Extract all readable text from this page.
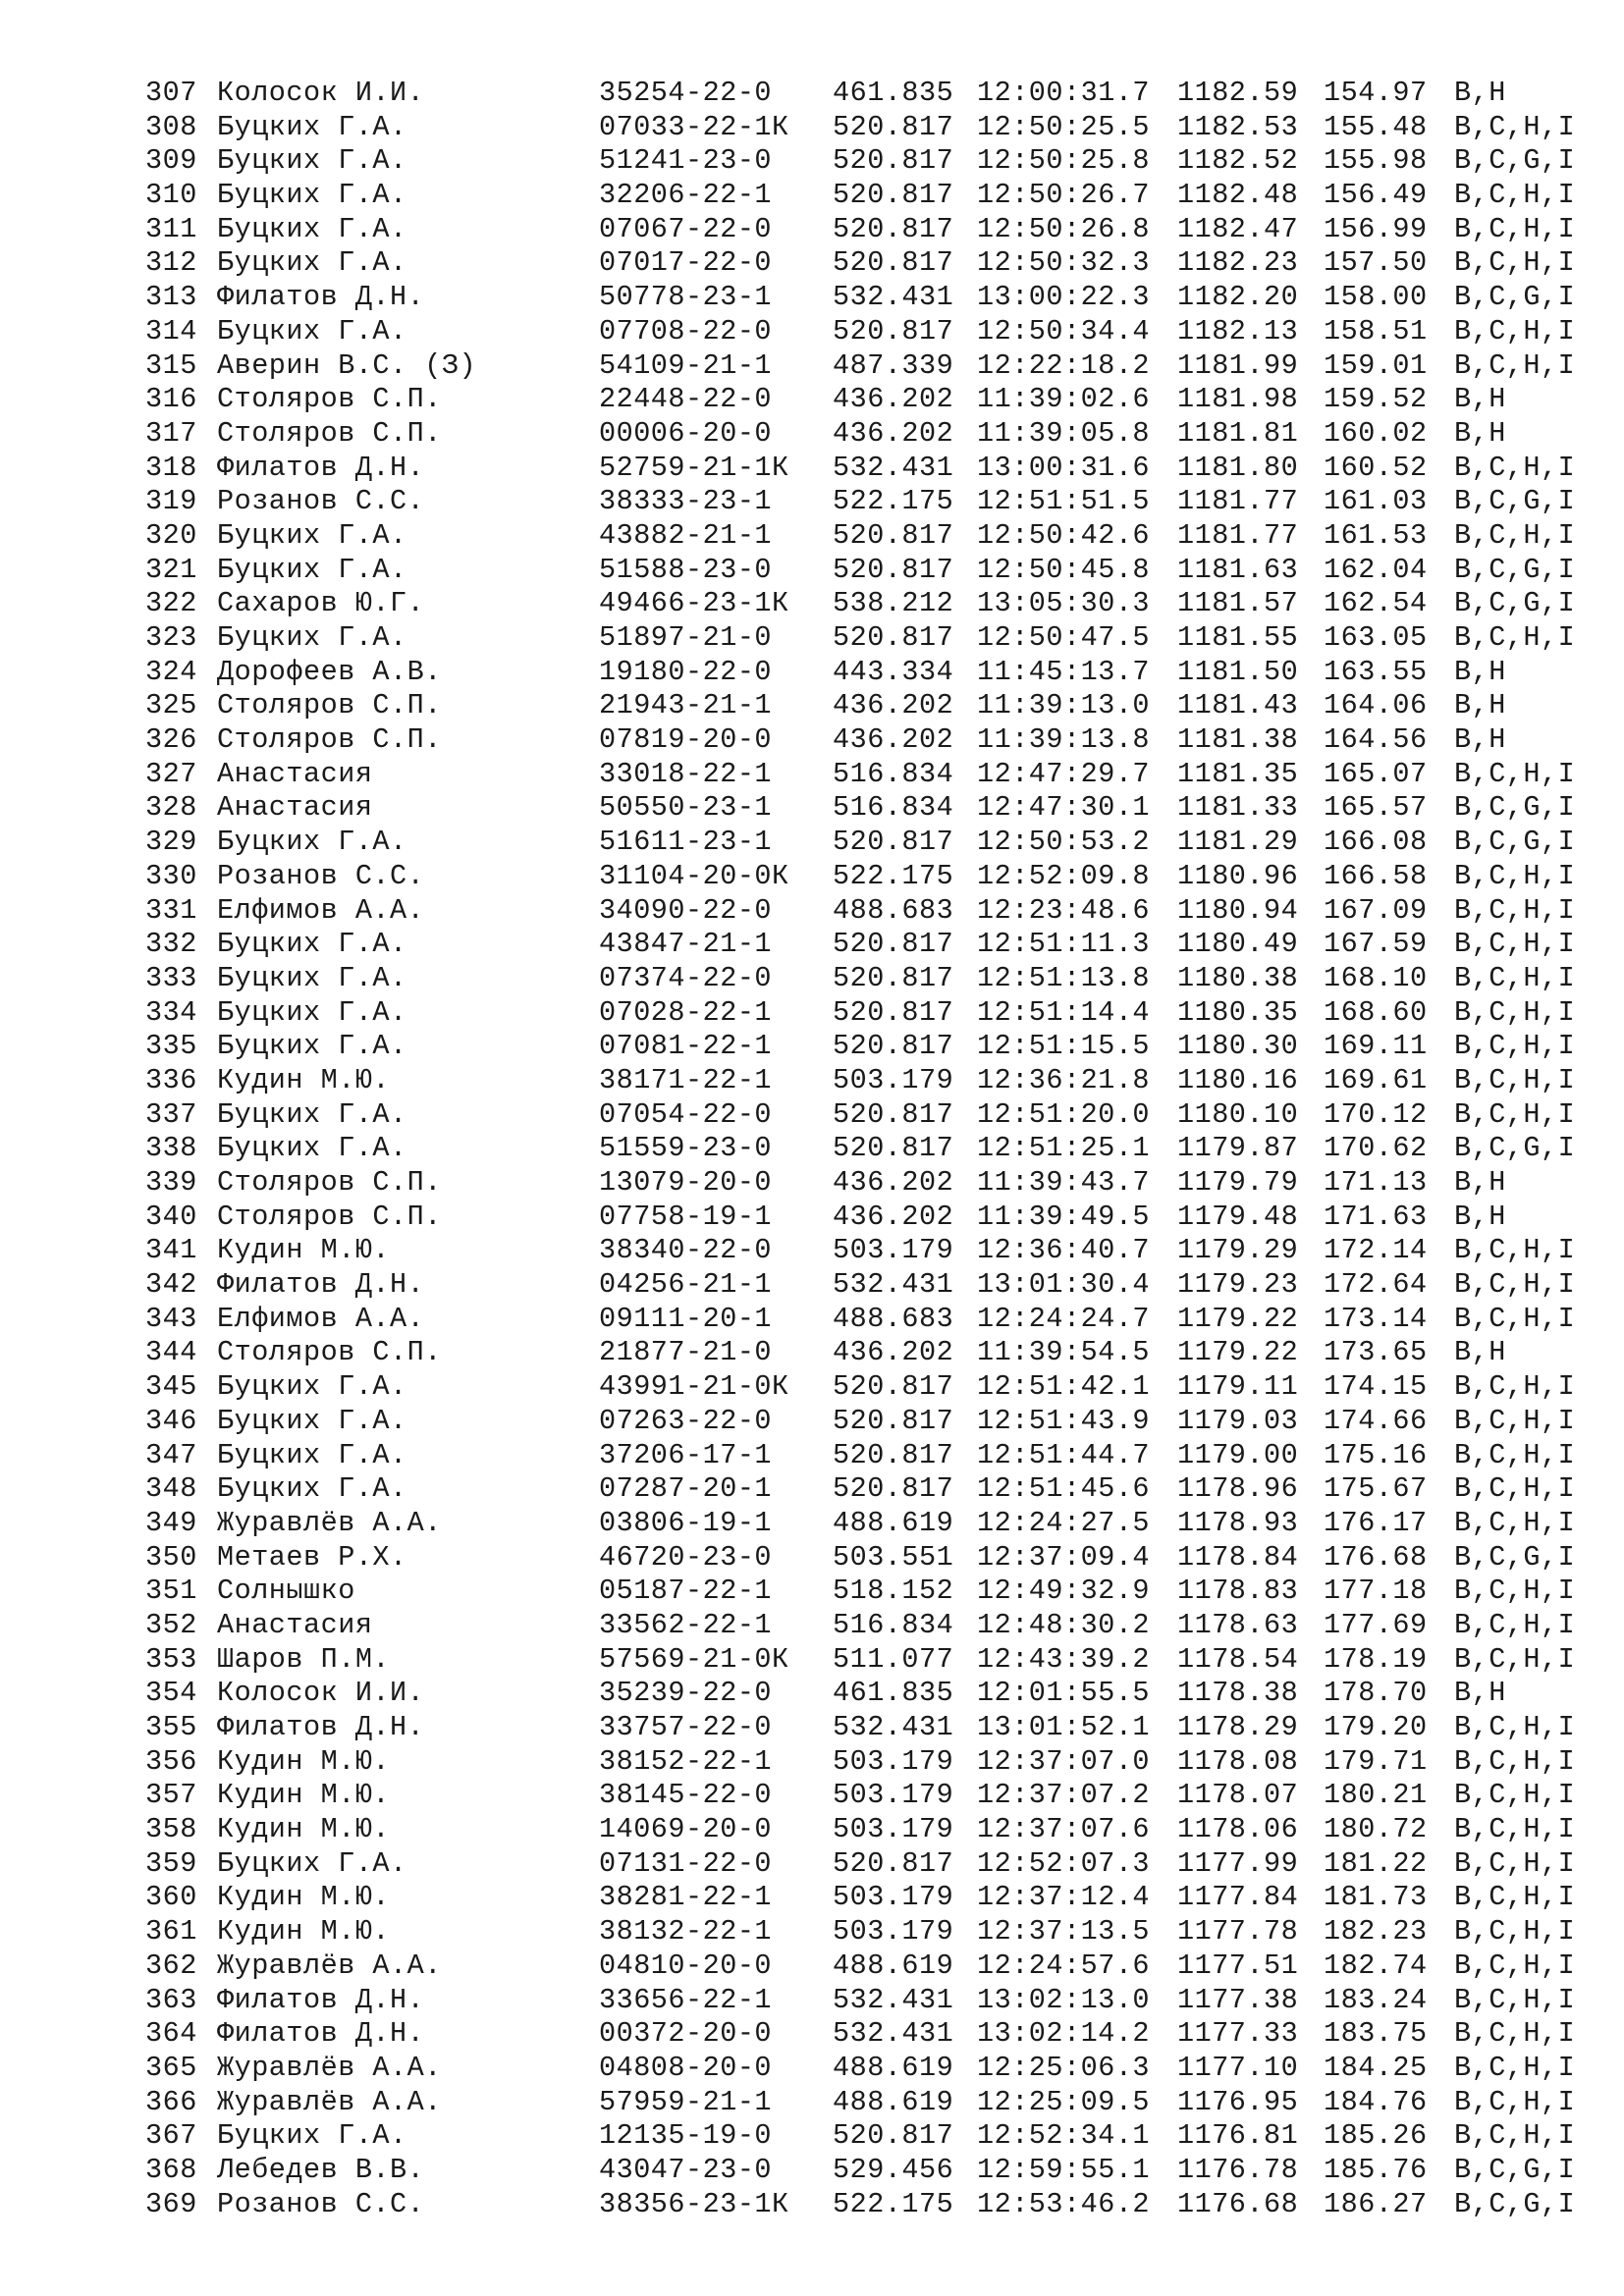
307 Колосок И.И.	35254-22-0 461.835 12:00:31.7 1182.59 154.97 B,H
308 Буцких Г.А.	07033-22-1К 520.817 12:50:25.5 1182.53 155.48 B,C,H,I
309 Буцких Г.А.	51241-23-0 520.817 12:50:25.8 1182.52 155.98 B,C,G,I
310 Буцких Г.А.	32206-22-1 520.817 12:50:26.7 1182.48 156.49 B,C,H,I
311 Буцких Г.А.	07067-22-0 520.817 12:50:26.8 1182.47 156.99 B,C,H,I
312 Буцких Г.А.	07017-22-0 520.817 12:50:32.3 1182.23 157.50 B,C,H,I
313 Филатов Д.Н.	50778-23-1 532.431 13:00:22.3 1182.20 158.00 B,C,G,I
314 Буцких Г.А.	07708-22-0 520.817 12:50:34.4 1182.13 158.51 B,C,H,I
315 Аверин В.С. (З)	54109-21-1 487.339 12:22:18.2 1181.99 159.01 B,C,H,I
316 Столяров С.П.	22448-22-0 436.202 11:39:02.6 1181.98 159.52 B,H
317 Столяров С.П.	00006-20-0 436.202 11:39:05.8 1181.81 160.02 B,H
318 Филатов Д.Н.	52759-21-1К 532.431 13:00:31.6 1181.80 160.52 B,C,H,I
319 Розанов С.С.	38333-23-1 522.175 12:51:51.5 1181.77 161.03 B,C,G,I
320 Буцких Г.А.	43882-21-1 520.817 12:50:42.6 1181.77 161.53 B,C,H,I
321 Буцких Г.А.	51588-23-0 520.817 12:50:45.8 1181.63 162.04 B,C,G,I
322 Сахаров Ю.Г.	49466-23-1К 538.212 13:05:30.3 1181.57 162.54 B,C,G,I
323 Буцких Г.А.	51897-21-0 520.817 12:50:47.5 1181.55 163.05 B,C,H,I
324 Дорофеев А.В.	19180-22-0 443.334 11:45:13.7 1181.50 163.55 B,H
325 Столяров С.П.	21943-21-1 436.202 11:39:13.0 1181.43 164.06 B,H
326 Столяров С.П.	07819-20-0 436.202 11:39:13.8 1181.38 164.56 B,H
327 Анастасия	33018-22-1 516.834 12:47:29.7 1181.35 165.07 B,C,H,I
328 Анастасия	50550-23-1 516.834 12:47:30.1 1181.33 165.57 B,C,G,I
329 Буцких Г.А.	51611-23-1 520.817 12:50:53.2 1181.29 166.08 B,C,G,I
330 Розанов С.С.	31104-20-0К 522.175 12:52:09.8 1180.96 166.58 B,C,H,I
331 Елфимов А.А.	34090-22-0 488.683 12:23:48.6 1180.94 167.09 B,C,H,I
332 Буцких Г.А.	43847-21-1 520.817 12:51:11.3 1180.49 167.59 B,C,H,I
333 Буцких Г.А.	07374-22-0 520.817 12:51:13.8 1180.38 168.10 B,C,H,I
334 Буцких Г.А.	07028-22-1 520.817 12:51:14.4 1180.35 168.60 B,C,H,I
335 Буцких Г.А.	07081-22-1 520.817 12:51:15.5 1180.30 169.11 B,C,H,I
336 Кудин М.Ю.	38171-22-1 503.179 12:36:21.8 1180.16 169.61 B,C,H,I
337 Буцких Г.А.	07054-22-0 520.817 12:51:20.0 1180.10 170.12 B,C,H,I
338 Буцких Г.А.	51559-23-0 520.817 12:51:25.1 1179.87 170.62 B,C,G,I
339 Столяров С.П.	13079-20-0 436.202 11:39:43.7 1179.79 171.13 B,H
340 Столяров С.П.	07758-19-1 436.202 11:39:49.5 1179.48 171.63 B,H
341 Кудин М.Ю.	38340-22-0 503.179 12:36:40.7 1179.29 172.14 B,C,H,I
342 Филатов Д.Н.	04256-21-1 532.431 13:01:30.4 1179.23 172.64 B,C,H,I
343 Елфимов А.А.	09111-20-1 488.683 12:24:24.7 1179.22 173.14 B,C,H,I
344 Столяров С.П.	21877-21-0 436.202 11:39:54.5 1179.22 173.65 B,H
345 Буцких Г.А.	43991-21-0К 520.817 12:51:42.1 1179.11 174.15 B,C,H,I
346 Буцких Г.А.	07263-22-0 520.817 12:51:43.9 1179.03 174.66 B,C,H,I
347 Буцких Г.А.	37206-17-1 520.817 12:51:44.7 1179.00 175.16 B,C,H,I
348 Буцких Г.А.	07287-20-1 520.817 12:51:45.6 1178.96 175.67 B,C,H,I
349 Журавлёв А.А.	03806-19-1 488.619 12:24:27.5 1178.93 176.17 B,C,H,I
350 Метаев Р.Х.	46720-23-0 503.551 12:37:09.4 1178.84 176.68 B,C,G,I
351 Солнышко	05187-22-1 518.152 12:49:32.9 1178.83 177.18 B,C,H,I
352 Анастасия	33562-22-1 516.834 12:48:30.2 1178.63 177.69 B,C,H,I
353 Шаров П.М.	57569-21-0К 511.077 12:43:39.2 1178.54 178.19 B,C,H,I
354 Колосок И.И.	35239-22-0 461.835 12:01:55.5 1178.38 178.70 B,H
355 Филатов Д.Н.	33757-22-0 532.431 13:01:52.1 1178.29 179.20 B,C,H,I
356 Кудин М.Ю.	38152-22-1 503.179 12:37:07.0 1178.08 179.71 B,C,H,I
357 Кудин М.Ю.	38145-22-0 503.179 12:37:07.2 1178.07 180.21 B,C,H,I
358 Кудин М.Ю.	14069-20-0 503.179 12:37:07.6 1178.06 180.72 B,C,H,I
359 Буцких Г.А.	07131-22-0 520.817 12:52:07.3 1177.99 181.22 B,C,H,I
360 Кудин М.Ю.	38281-22-1 503.179 12:37:12.4 1177.84 181.73 B,C,H,I
361 Кудин М.Ю.	38132-22-1 503.179 12:37:13.5 1177.78 182.23 B,C,H,I
362 Журавлёв А.А.	04810-20-0 488.619 12:24:57.6 1177.51 182.74 B,C,H,I
363 Филатов Д.Н.	33656-22-1 532.431 13:02:13.0 1177.38 183.24 B,C,H,I
364 Филатов Д.Н.	00372-20-0 532.431 13:02:14.2 1177.33 183.75 B,C,H,I
365 Журавлёв А.А.	04808-20-0 488.619 12:25:06.3 1177.10 184.25 B,C,H,I
366 Журавлёв А.А.	57959-21-1 488.619 12:25:09.5 1176.95 184.76 B,C,H,I
367 Буцких Г.А.	12135-19-0 520.817 12:52:34.1 1176.81 185.26 B,C,H,I
368 Лебедев В.В.	43047-23-0 529.456 12:59:55.1 1176.78 185.76 B,C,G,I
369 Розанов С.С.	38356-23-1К 522.175 12:53:46.2 1176.68 186.27 B,C,G,I
